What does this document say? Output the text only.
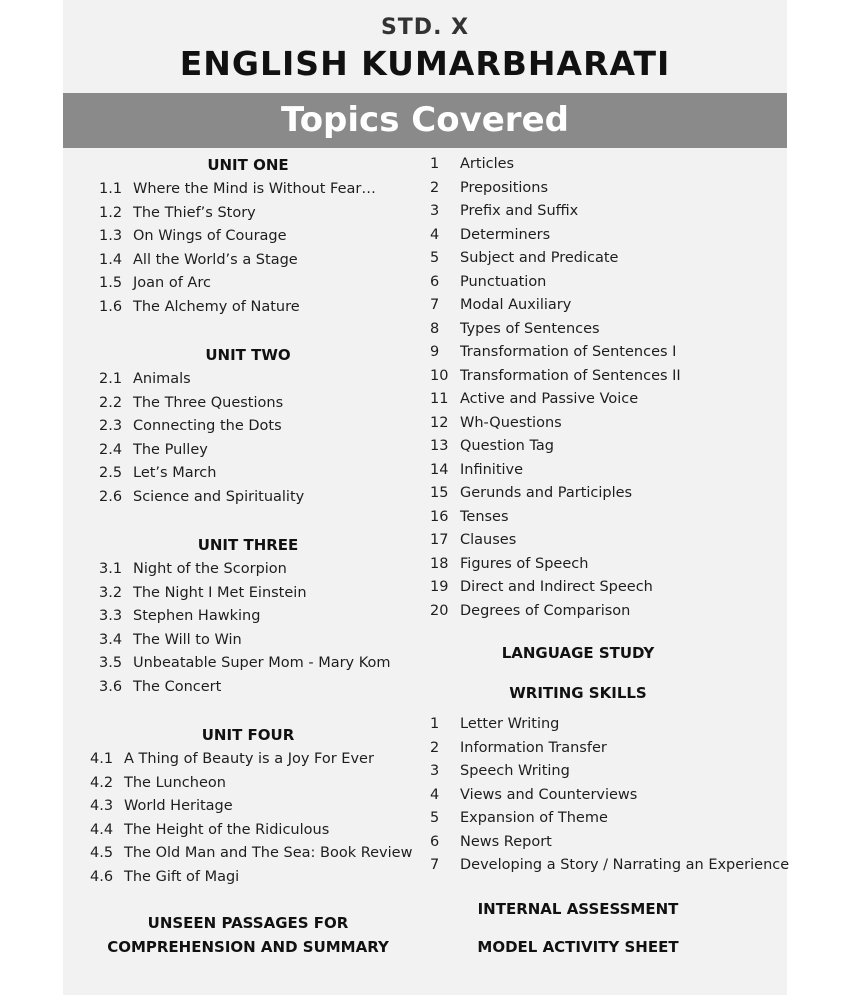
STD. X
ENGLISH KUMARBHARATI
Topics Covered
UNIT ONE
1.1 Where the Mind is Without Fear…
1.2 The Thief’s Story
1.3 On Wings of Courage
1.4 All the World’s a Stage
1.5 Joan of Arc
1.6 The Alchemy of Nature
UNIT TWO
2.1 Animals
2.2 The Three Questions
2.3 Connecting the Dots
2.4 The Pulley
2.5 Let’s March
2.6 Science and Spirituality
UNIT THREE
3.1 Night of the Scorpion
3.2 The Night I Met Einstein
3.3 Stephen Hawking
3.4 The Will to Win
3.5 Unbeatable Super Mom - Mary Kom
3.6 The Concert
UNIT FOUR
4.1 A Thing of Beauty is a Joy For Ever
4.2 The Luncheon
4.3 World Heritage
4.4 The Height of the Ridiculous
4.5 The Old Man and The Sea: Book Review
4.6 The Gift of Magi
UNSEEN PASSAGES FOR
COMPREHENSION AND SUMMARY
1 Articles
2 Prepositions
3 Prefix and Suffix
4 Determiners
5 Subject and Predicate
6 Punctuation
7 Modal Auxiliary
8 Types of Sentences
9 Transformation of Sentences I
10 Transformation of Sentences II
11 Active and Passive Voice
12 Wh-Questions
13 Question Tag
14 Infinitive
15 Gerunds and Participles
16 Tenses
17 Clauses
18 Figures of Speech
19 Direct and Indirect Speech
20 Degrees of Comparison
LANGUAGE STUDY
WRITING SKILLS
1 Letter Writing
2 Information Transfer
3 Speech Writing
4 Views and Counterviews
5 Expansion of Theme
6 News Report
7 Developing a Story / Narrating an Experience
INTERNAL ASSESSMENT
MODEL ACTIVITY SHEET
